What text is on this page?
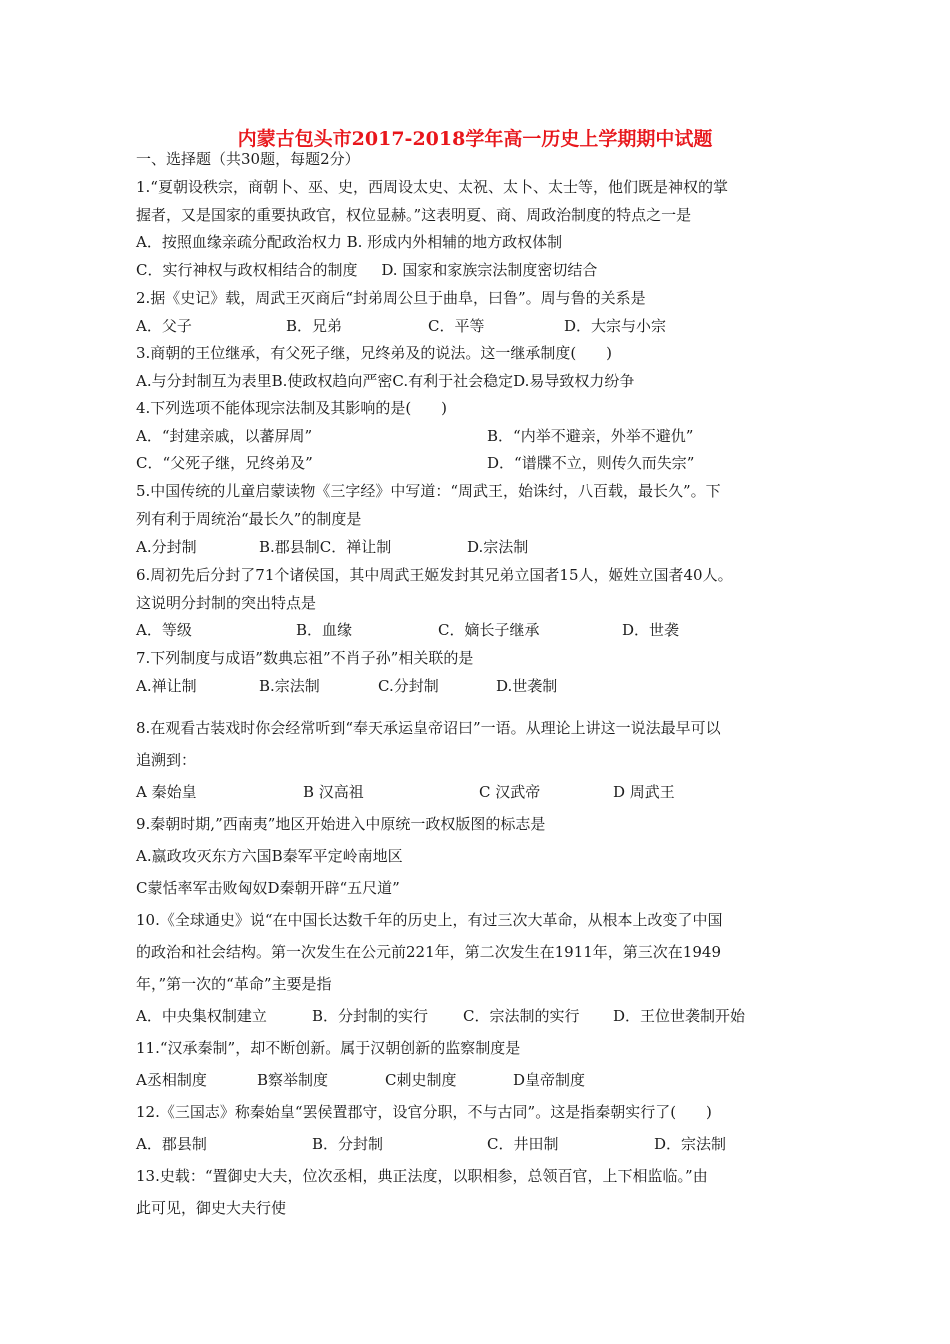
内蒙古包头市2017-2018学年高一历史上学期期中试题
一、选择题（共30题，每题2分）
1.“夏朝设秩宗，商朝卜、巫、史，西周设太史、太祝、太卜、太士等，他们既是神权的掌
握者，又是国家的重要执政官，权位显赫。”这表明夏、商、周政治制度的特点之一是
A．按照血缘亲疏分配政治权力 B. 形成内外相辅的地方政权体制
C．实行神权与政权相结合的制度     D. 国家和家族宗法制度密切结合
2.据《史记》载，周武王灭商后“封弟周公旦于曲阜，曰鲁”。周与鲁的关系是
A．父子	B．兄弟	C．平等	D．大宗与小宗
3.商朝的王位继承，有父死子继，兄终弟及的说法。这一继承制度(　　)
A.与分封制互为表里B.使政权趋向严密C.有利于社会稳定D.易导致权力纷争
4.下列选项不能体现宗法制及其影响的是(　　)
A．“封建亲戚，以蕃屏周”	B．“内举不避亲，外举不避仇”
C．“父死子继，兄终弟及”	D．“谱牒不立，则传久而失宗”
5.中国传统的儿童启蒙读物《三字经》中写道：“周武王，始诛纣，八百载，最长久”。下
列有利于周统治“最长久”的制度是
A.分封制	B.郡县制C．禅让制	D.宗法制
6.周初先后分封了71个诸侯国，其中周武王姬发封其兄弟立国者15人，姬姓立国者40人。
这说明分封制的突出特点是
A．等级	B．血缘	C．嫡长子继承	D．世袭
7.下列制度与成语”数典忘祖”不肖子孙”相关联的是
A.禅让制	B.宗法制	C.分封制	D.世袭制
8.在观看古装戏时你会经常听到“奉天承运皇帝诏曰”一语。从理论上讲这一说法最早可以
追溯到：
A 秦始皇	B 汉高祖	C 汉武帝	D 周武王
9.秦朝时期,”西南夷”地区开始进入中原统一政权版图的标志是
A.嬴政攻灭东方六国B秦军平定岭南地区
C蒙恬率军击败匈奴D秦朝开辟“五尺道”
10.《全球通史》说“在中国长达数千年的历史上，有过三次大革命，从根本上改变了中国
的政治和社会结构。第一次发生在公元前221年，第二次发生在1911年，第三次在1949
年，”第一次的“革命”主要是指
A．中央集权制建立	B．分封制的实行 C．宗法制的实行 D．王位世袭制开始
11.“汉承秦制”，却不断创新。属于汉朝创新的监察制度是
A丞相制度	B察举制度	C刺史制度	D皇帝制度
12.《三国志》称秦始皇“罢侯置郡守，设官分职，不与古同”。这是指秦朝实行了(　　)
A．郡县制	B．分封制	C．井田制	D．宗法制
13.史载：“置御史大夫，位次丞相，典正法度，以职相参，总领百官，上下相监临。”由
此可见，御史大夫行使
